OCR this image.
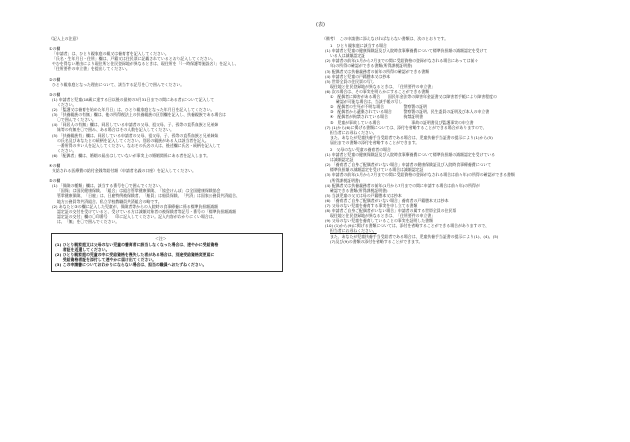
(表)
《記入上の注意》
①の欄
「申請者」は、ひとり親家庭の親又は養育者を記入してください。
「氏名・生年月日・住所」欄は、戸籍又は住民票に記載されているとおり記入してください。
やむを得ない理由により現住所と住民登録地が異なるときは、現住所を「（一時保護等施設名）」を記入し、
「住所要件の申立書」を提出してください。
②の欄
ひとり親家庭となった理由について、該当する記号を〇で囲んでください。
③の欄
(1) 申請者と児童(18歳に達する日以後の最初の3月31日までの間にある者)について記入して
ください。
(2) 「監護又は養育を始めた年月日」は、ひとり親家庭となった年月日を記入してください。
(3) 「扶養親族の有無」欄は、他の所得税法上の扶養親族の区別欄を記入し、扶養親族である場合は
〇で囲んでください。
(4) 「同居人の有無」欄は、同居している申請者の父母、祖父母、子、孫等の直系血族と兄弟姉
妹等の有無を〇で囲み、ある場合はその人数を記入してください。
(5) 「扶養親族有」欄は、同居している申請者の父母、祖父母、子、孫等の直系血族と兄弟姉妹
の氏名及びあなたとの続柄を記入してください。別居の親族がある人は該当者を記入。
一番所得の多い人を記入してください。なおその氏名の人は、後述欄に氏名・続柄を記入して
ください。
(6) 「配偶者」欄は、婚姻の届出はしていないが事実上の婚姻関係にある者を記入します。
④の欄
支給される医療費の給付金銭等給付額（申請者名義の口座）を記入してください。
⑤の欄
(1) 「保険の種類」欄は、該当する番号を〇で囲んでください。
「国保」は国民健康保険、「組合」は組合管掌健康保険、「協会けんぽ」は全国健康保険協会
管掌健康保険、「日雇」は、日雇特例被保険者、「船員」は船員保険、「共済」は国家公務員共済組合、
地方公務員等共済組合、私立学校教職員共済組合の略です。
(2) あなたと③の欄に記入した児童が、保険者等からの入院時の食事療養に係る標準負担額減額
認定証の交付を受けていると、受けている方は減額対象者の被保険者等記号・番号の「標準負担額減額
認定証の交付」欄の〇印番号　　印に記入してください。記入内容がわかりにくい場合は、
は、「無」を〇で囲んでください。
＜注＞
(1) ひとり親家庭又は父母のない児童の養育者に該当しなくなった場合は、速やかに受給資格
　　者証を返還してください。
(2) ひとり親家庭の児童の中に受給資格を喪失した者がある場合は、別途受給資格変更届に
　　受給資格者証を添付して速やかに届け出てください。
(3) この申請書についておわかりにならない場合は、担当の職員へおたずねください。
（備考）　この申請書に添えなければならない書類は、次のとおりです。
1　ひとり親家庭に該当する場合
(1) 申請者と児童の健康保険証及び入院時食事療養費について標準負担額の減額認定を受けて
いる人は減額認定証
(2) 申請者の前年(1月から7月までの間に受給資格の登録がなされる場合にあっては前々
年)の所得の確認ができる書類(所得課税証明書)
(3) 配偶者又は扶養義務者の前年の所得の確認ができる書類
(4) 申請者と児童の戸籍謄本又は抄本
(5) 世帯全員の住民票の写し
現住地と住民登録地が異なるときは、「住所要件の申立書」
(6) 次の場合は、その事実を明らかにすることができる書類
①　配偶者に障害がある場合　　国民年金法等の障害年金証書又は障害者手帳により障害程度の
確認が可能な場合は、当該手帳の写し
②　配偶者の生死が不明な場合　　　　　警察署の証明
③　配偶者から遺棄されている場合　　　警察署の証明、民生委員の証明及び本人の申立書
④　配偶者が拘禁されている場合　　　　拘禁証明書
⑤　児童が事故している場合　　　　　　　　事故の証明書及び監護事実の申立書
(7) (1)から(6)に掲げる書類については、添付を省略することができる場合がありますので、
担当者にお尋ねください。
また、あなたが児童扶養手当受給者である場合は、児童扶養手当証書の提示により(1)から(5)
届出までの書類の添付を省略することができます。
2　父母のない児童の養育者の場合
(1) 申請者と児童の健康保険証及び入院時食事療養費について標準負担額の減額認定を受けている
は減額認定証
(2) 「養育者ご自身ご配偶者がいない場合」申請者の健康保険証及び入院時食事療養費について
標準負担額の減額認定を受けている場合は減額認定証
(3) 申請者の前年(1月から7月までの間に受給資格の登録がなされる場合は前々年)の所得の確認ができる書類
(所得課税証明書)
(4) 配偶者又は扶養義務者の前年(1月から7月までの間に申請する場合は前々年)の所得が
確認できる書類(所得課税証明書)
(5) 当該児童の父又は母の戸籍謄本又は抄本
(6) 「養育者ご自身ご配偶者がいない場合」養育者の戸籍謄本又は抄本
(7) 父母のない児童を養育する事実を申し立てる書類
(8) 申請者ご自身ご配偶者がいない場合」申請者の属する世帯全員の住民票
現住地と住民登録地が異なるときは、「住所要件の申立書」
(9) 父母のない児童を養育していることの事実を証明した書類
(10) (1)から(9)に掲げる書類については、添付を省略することができる場合がありますので、
担当者にお尋ねください。
また、あなたが児童扶養手当受給者である場合は、児童扶養手当証書の提示により(1)、(4)、(5)
(7)及び(9)の書類の添付を省略することができます。
